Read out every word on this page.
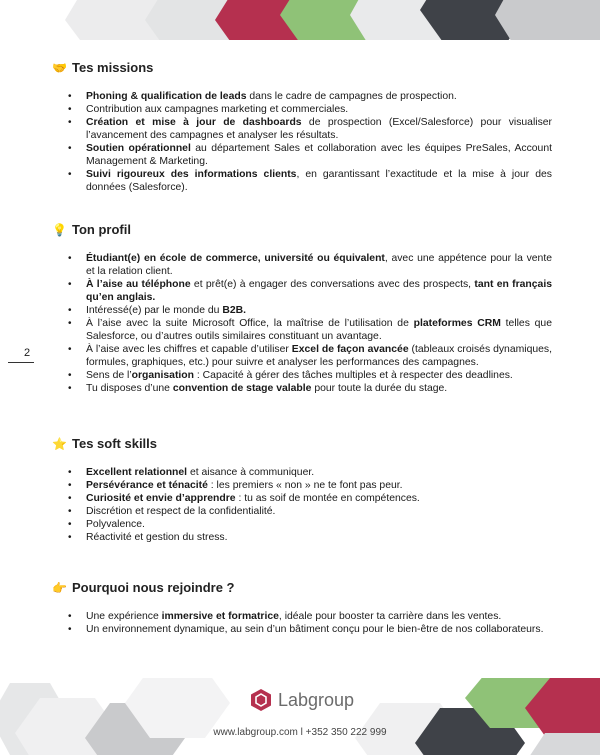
2
🤝 Tes missions
• Phoning & qualification de leads dans le cadre de campagnes de prospection.
• Contribution aux campagnes marketing et commerciales.
• Création et mise à jour de dashboards de prospection (Excel/Salesforce) pour visualiser l’avancement des campagnes et analyser les résultats.
• Soutien opérationnel au département Sales et collaboration avec les équipes PreSales, Account Management & Marketing.
• Suivi rigoureux des informations clients, en garantissant l’exactitude et la mise à jour des données (Salesforce).
💡 Ton profil
• Étudiant(e) en école de commerce, université ou équivalent, avec une appétence pour la vente et la relation client.
• À l’aise au téléphone et prêt(e) à engager des conversations avec des prospects, tant en français qu’en anglais.
• Intéressé(e) par le monde du B2B.
• À l’aise avec la suite Microsoft Office, la maîtrise de l’utilisation de plateformes CRM telles que Salesforce, ou d’autres outils similaires constituant un avantage.
• À l’aise avec les chiffres et capable d’utiliser Excel de façon avancée (tableaux croisés dynamiques, formules, graphiques, etc.) pour suivre et analyser les performances des campagnes.
• Sens de l’organisation : Capacité à gérer des tâches multiples et à respecter des deadlines.
• Tu disposes d’une convention de stage valable pour toute la durée du stage.
⭐ Tes soft skills
• Excellent relationnel et aisance à communiquer.
• Persévérance et ténacité : les premiers « non » ne te font pas peur.
• Curiosité et envie d’apprendre : tu as soif de montée en compétences.
• Discrétion et respect de la confidentialité.
• Polyvalence.
• Réactivité et gestion du stress.
👉 Pourquoi nous rejoindre ?
• Une expérience immersive et formatrice, idéale pour booster ta carrière dans les ventes.
• Un environnement dynamique, au sein d’un bâtiment conçu pour le bien-être de nos collaborateurs.
Labgroup
www.labgroup.com l +352 350 222 999
